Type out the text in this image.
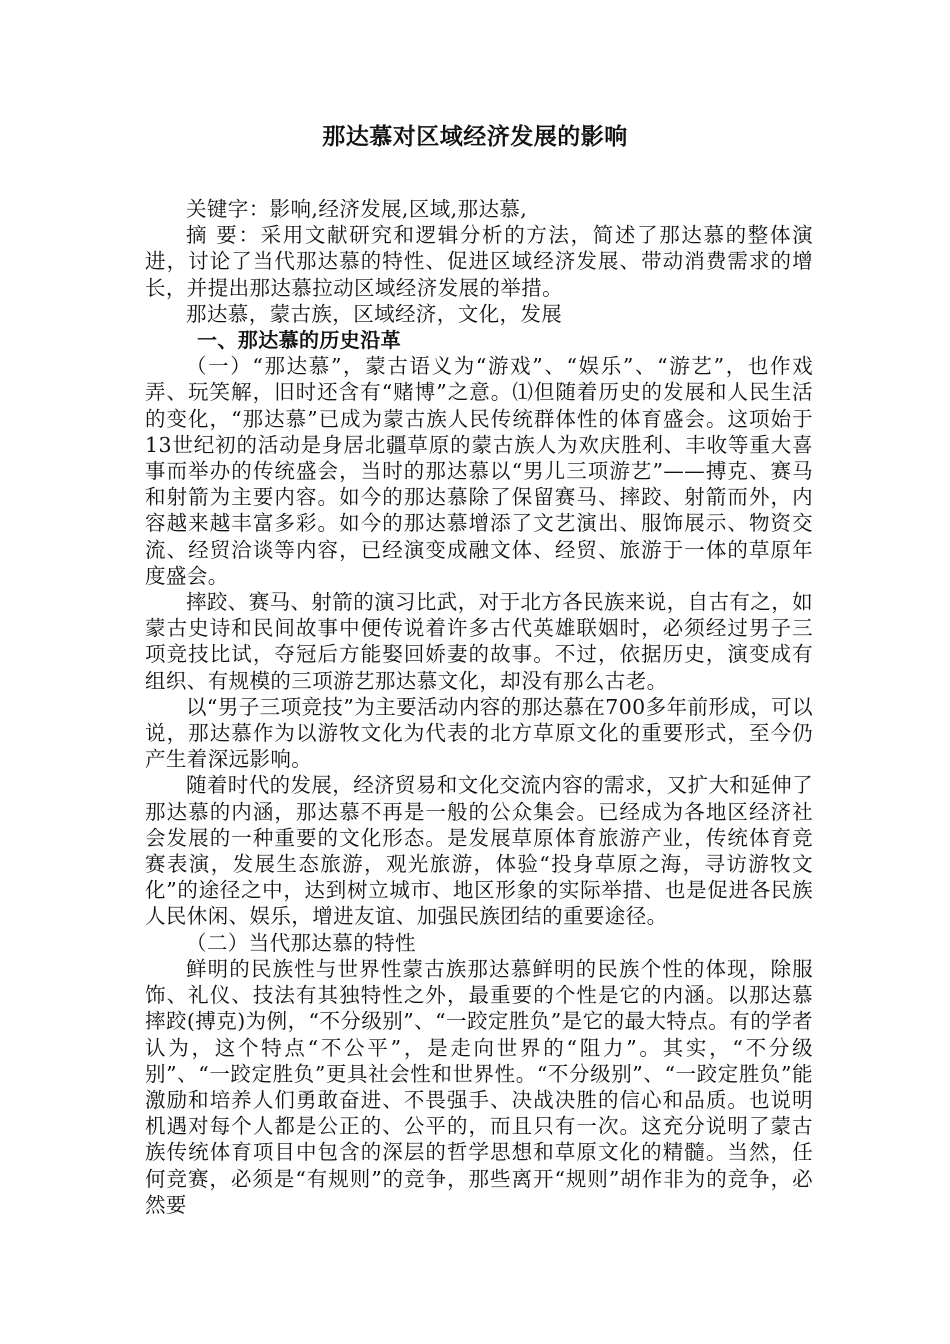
那达慕对区域经济发展的影响

关键字：影响,经济发展,区域,那达慕,

摘 要：采用文献研究和逻辑分析的方法，简述了那达慕的整体演进，讨论了当代那达慕的特性、促进区域经济发展、带动消费需求的增长，并提出那达慕拉动区域经济发展的举措。

那达慕，蒙古族，区域经济，文化，发展

一、那达慕的历史沿革

（一）“那达慕”，蒙古语义为“游戏”、“娱乐”、“游艺”，也作戏弄、玩笑解，旧时还含有“赌博”之意。⑴但随着历史的发展和人民生活的变化，“那达慕”已成为蒙古族人民传统群体性的体育盛会。这项始于13世纪初的活动是身居北疆草原的蒙古族人为欢庆胜利、丰收等重大喜事而举办的传统盛会，当时的那达慕以“男儿三项游艺”——搏克、赛马和射箭为主要内容。如今的那达慕除了保留赛马、摔跤、射箭而外，内容越来越丰富多彩。如今的那达慕增添了文艺演出、服饰展示、物资交流、经贸洽谈等内容，已经演变成融文体、经贸、旅游于一体的草原年度盛会。

摔跤、赛马、射箭的演习比武，对于北方各民族来说，自古有之，如蒙古史诗和民间故事中便传说着许多古代英雄联姻时，必须经过男子三项竞技比试，夺冠后方能娶回娇妻的故事。不过，依据历史，演变成有组织、有规模的三项游艺那达慕文化，却没有那么古老。

以“男子三项竞技”为主要活动内容的那达慕在700多年前形成，可以说，那达慕作为以游牧文化为代表的北方草原文化的重要形式，至今仍产生着深远影响。

随着时代的发展，经济贸易和文化交流内容的需求，又扩大和延伸了那达慕的内涵，那达慕不再是一般的公众集会。已经成为各地区经济社会发展的一种重要的文化形态。是发展草原体育旅游产业，传统体育竞赛表演，发展生态旅游，观光旅游，体验“投身草原之海，寻访游牧文化”的途径之中，达到树立城市、地区形象的实际举措、也是促进各民族人民休闲、娱乐，增进友谊、加强民族团结的重要途径。

（二）当代那达慕的特性

鲜明的民族性与世界性蒙古族那达慕鲜明的民族个性的体现，除服饰、礼仪、技法有其独特性之外，最重要的个性是它的内涵。以那达慕摔跤(搏克)为例，“不分级别”、“一跤定胜负”是它的最大特点。有的学者认为，这个特点“不公平”，是走向世界的“阻力”。其实，“不分级别”、“一跤定胜负”更具社会性和世界性。“不分级别”、“一跤定胜负”能激励和培养人们勇敢奋进、不畏强手、决战决胜的信心和品质。也说明机遇对每个人都是公正的、公平的，而且只有一次。这充分说明了蒙古族传统体育项目中包含的深层的哲学思想和草原文化的精髓。当然，任何竞赛，必须是“有规则”的竞争，那些离开“规则”胡作非为的竞争，必然要
